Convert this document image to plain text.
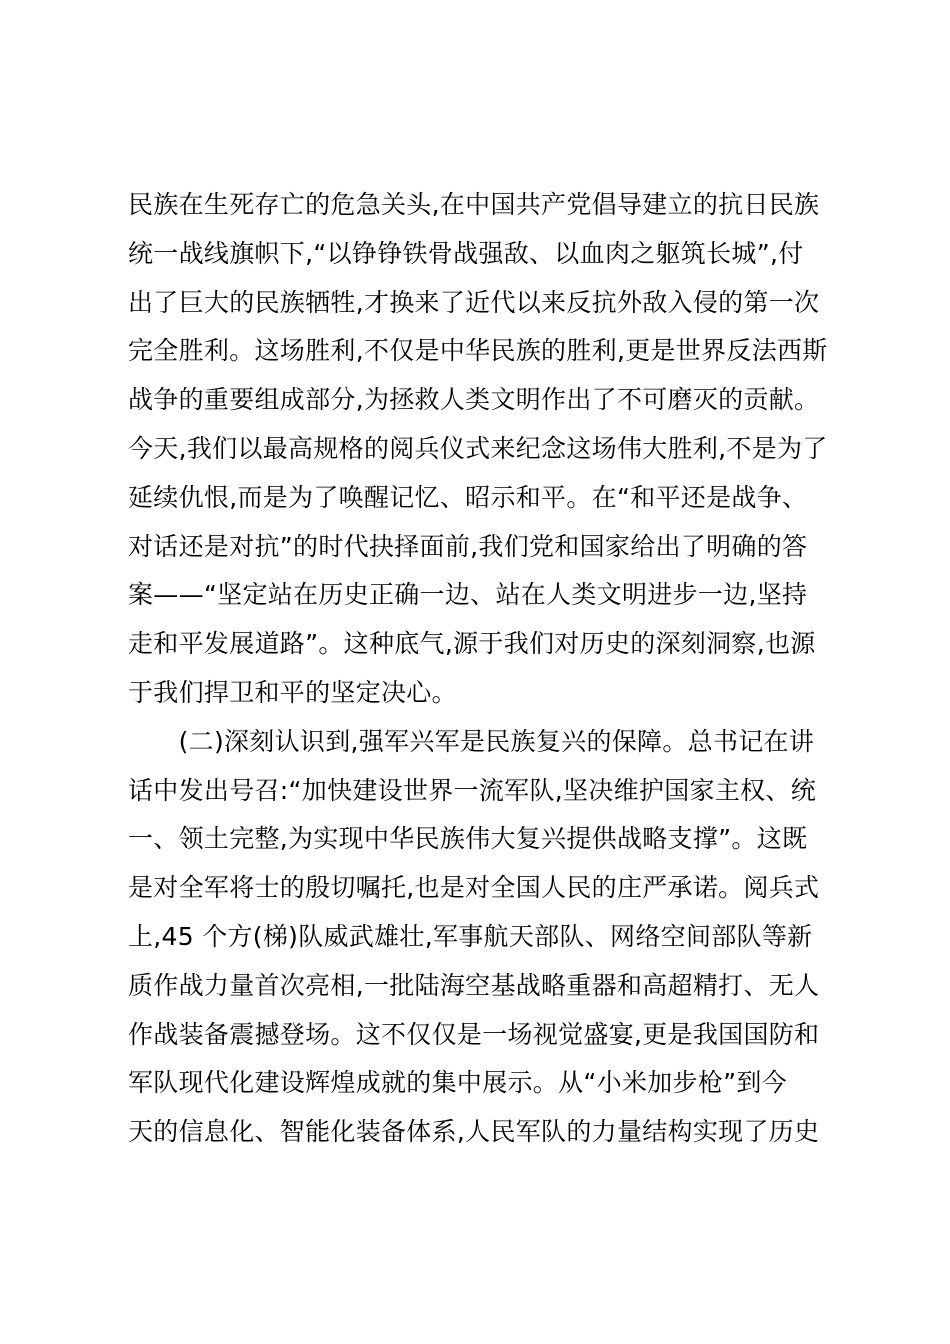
民族在生死存亡的危急关头,在中国共产党倡导建立的抗日民族
统一战线旗帜下,“以铮铮铁骨战强敌、以血肉之躯筑长城”,付
出了巨大的民族牺牲,才换来了近代以来反抗外敌入侵的第一次
完全胜利。这场胜利,不仅是中华民族的胜利,更是世界反法西斯
战争的重要组成部分,为拯救人类文明作出了不可磨灭的贡献。
今天,我们以最高规格的阅兵仪式来纪念这场伟大胜利,不是为了
延续仇恨,而是为了唤醒记忆、昭示和平。在“和平还是战争、
对话还是对抗”的时代抉择面前,我们党和国家给出了明确的答
案——“坚定站在历史正确一边、站在人类文明进步一边,坚持
走和平发展道路”。这种底气,源于我们对历史的深刻洞察,也源
于我们捍卫和平的坚定决心。
　　(二)深刻认识到,强军兴军是民族复兴的保障。总书记在讲
话中发出号召:“加快建设世界一流军队,坚决维护国家主权、统
一、领土完整,为实现中华民族伟大复兴提供战略支撑”。这既
是对全军将士的殷切嘱托,也是对全国人民的庄严承诺。阅兵式
上,45 个方(梯)队威武雄壮,军事航天部队、网络空间部队等新
质作战力量首次亮相,一批陆海空基战略重器和高超精打、无人
作战装备震撼登场。这不仅仅是一场视觉盛宴,更是我国国防和
军队现代化建设辉煌成就的集中展示。从“小米加步枪”到今
天的信息化、智能化装备体系,人民军队的力量结构实现了历史
